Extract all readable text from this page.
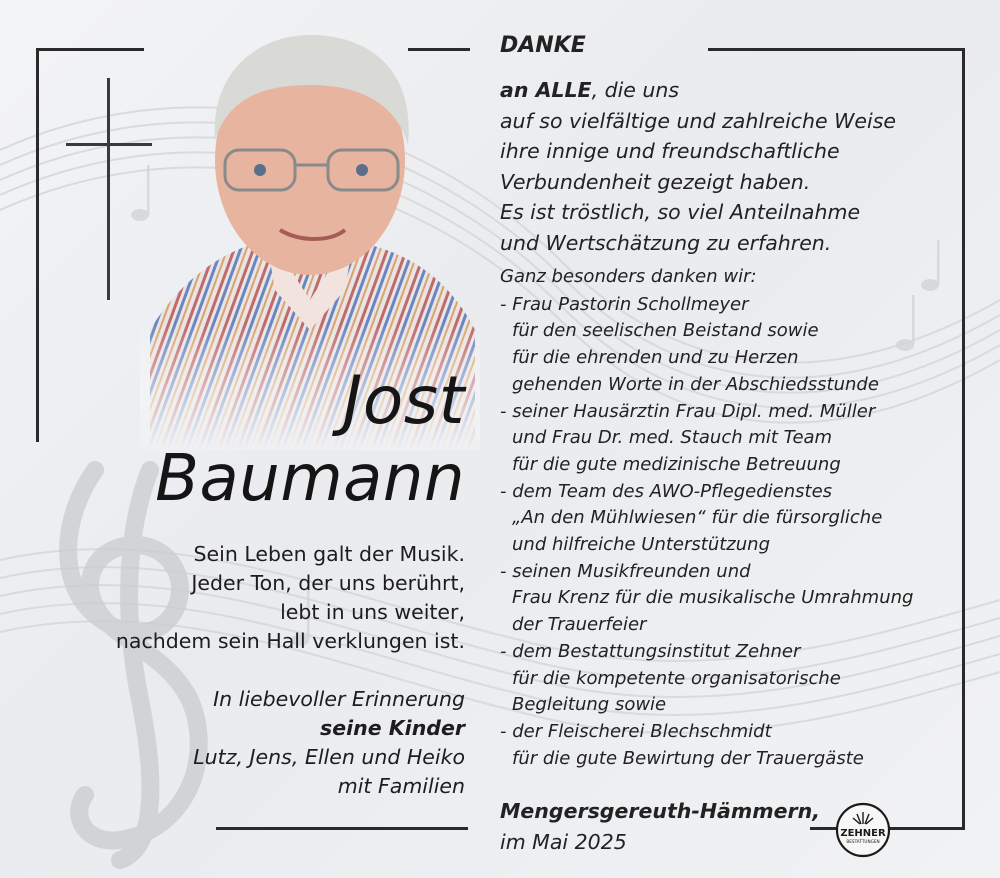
Jost
Baumann
Sein Leben galt der Musik.
Jeder Ton, der uns berührt,
lebt in uns weiter,
nachdem sein Hall verklungen ist.
In liebevoller Erinnerung
seine Kinder
Lutz, Jens, Ellen und Heiko
mit Familien
DANKE
an ALLE, die uns
auf so vielfältige und zahlreiche Weise
ihre innige und freundschaftliche
Verbundenheit gezeigt haben.
Es ist tröstlich, so viel Anteilnahme
und Wertschätzung zu erfahren.
Ganz besonders danken wir:
- Frau Pastorin Schollmeyer
für den seelischen Beistand sowie
für die ehrenden und zu Herzen
gehenden Worte in der Abschiedsstunde
- seiner Hausärztin Frau Dipl. med. Müller
und Frau Dr. med. Stauch mit Team
für die gute medizinische Betreuung
- dem Team des AWO-Pflegedienstes
„An den Mühlwiesen“ für die fürsorgliche
und hilfreiche Unterstützung
- seinen Musikfreunden und
Frau Krenz für die musikalische Umrahmung
der Trauerfeier
- dem Bestattungsinstitut Zehner
für die kompetente organisatorische
Begleitung sowie
- der Fleischerei Blechschmidt
für die gute Bewirtung der Trauergäste
Mengersgereuth-Hämmern,
im Mai 2025	ZEHNER
BESTATTUNGEN
